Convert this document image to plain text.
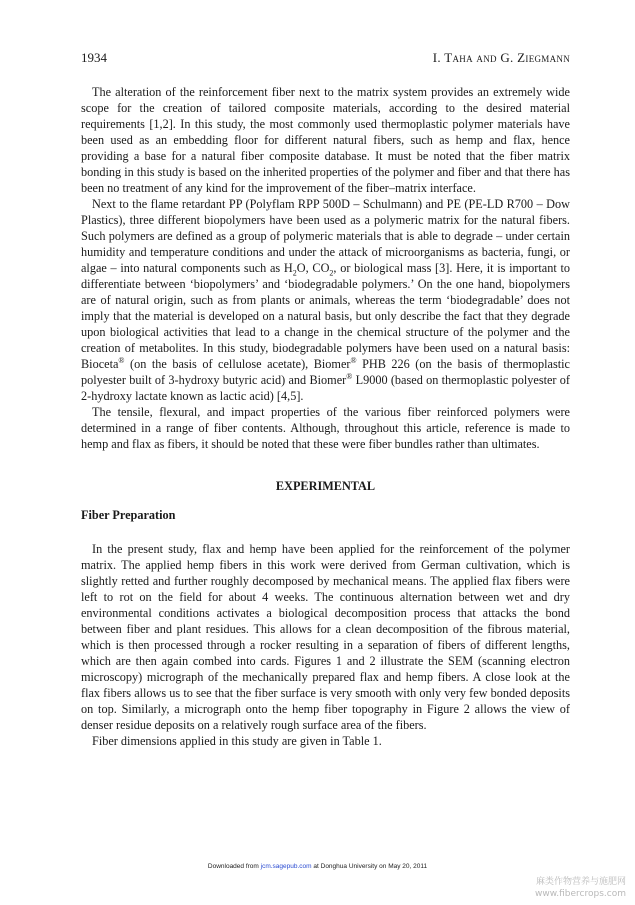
1934	I. Taha and G. Ziegmann

The alteration of the reinforcement fiber next to the matrix system provides an extremely wide scope for the creation of tailored composite materials, according to the desired material requirements [1,2]. In this study, the most commonly used thermoplastic polymer materials have been used as an embedding floor for different natural fibers, such as hemp and flax, hence providing a base for a natural fiber composite database. It must be noted that the fiber matrix bonding in this study is based on the inherited properties of the polymer and fiber and that there has been no treatment of any kind for the improvement of the fiber–matrix interface.

Next to the flame retardant PP (Polyflam RPP 500D – Schulmann) and PE (PE-LD R700 – Dow Plastics), three different biopolymers have been used as a polymeric matrix for the natural fibers. Such polymers are defined as a group of polymeric materials that is able to degrade – under certain humidity and temperature conditions and under the attack of microorganisms as bacteria, fungi, or algae – into natural components such as $H_2O$, $CO_2$, or biological mass [3]. Here, it is important to differentiate between ‘biopolymers’ and ‘biodegradable polymers.’ On the one hand, biopolymers are of natural origin, such as from plants or animals, whereas the term ‘biodegradable’ does not imply that the material is developed on a natural basis, but only describe the fact that they degrade upon biological activities that lead to a change in the chemical structure of the polymer and the creation of metabolites. In this study, biodegradable polymers have been used on a natural basis: Bioceta® (on the basis of cellulose acetate), Biomer® PHB 226 (on the basis of thermoplastic polyester built of 3-hydroxy butyric acid) and Biomer® L9000 (based on thermoplastic polyester of 2-hydroxy lactate known as lactic acid) [4,5].

The tensile, flexural, and impact properties of the various fiber reinforced polymers were determined in a range of fiber contents. Although, throughout this article, reference is made to hemp and flax as fibers, it should be noted that these were fiber bundles rather than ultimates.

EXPERIMENTAL
Fiber Preparation

In the present study, flax and hemp have been applied for the reinforcement of the polymer matrix. The applied hemp fibers in this work were derived from German cultivation, which is slightly retted and further roughly decomposed by mechanical means. The applied flax fibers were left to rot on the field for about 4 weeks. The continuous alternation between wet and dry environmental conditions activates a biological decomposition process that attacks the bond between fiber and plant residues. This allows for a clean decomposition of the fibrous material, which is then processed through a rocker resulting in a separation of fibers of different lengths, which are then again combed into cards. Figures 1 and 2 illustrate the SEM (scanning electron microscopy) micrograph of the mechanically prepared flax and hemp fibers. A close look at the flax fibers allows us to see that the fiber surface is very smooth with only very few bonded deposits on top. Similarly, a micrograph onto the hemp fiber topography in Figure 2 allows the view of denser residue deposits on a relatively rough surface area of the fibers.

Fiber dimensions applied in this study are given in Table 1.

Downloaded from jcm.sagepub.com at Donghua University on May 20, 2011
麻类作物营养与施肥网
www.fibercrops.com
